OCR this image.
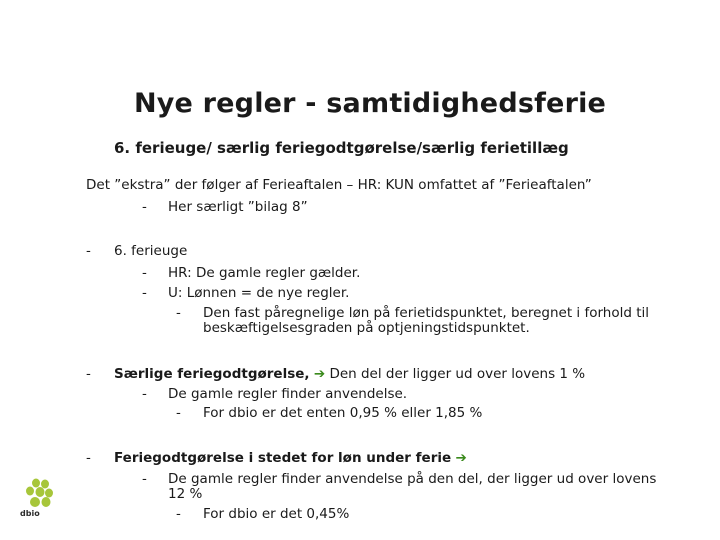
Nye regler - samtidighedsferie
6. ferieuge/ særlig feriegodtgørelse/særlig ferietillæg
Det ”ekstra” der følger af Ferieaftalen – HR: KUN omfattet af ”Ferieaftalen”
- Her særligt ”bilag 8”
- 6. ferieuge
- HR: De gamle regler gælder.
- U: Lønnen = de nye regler.
- Den fast påregnelige løn på ferietidspunktet, beregnet i forhold til
beskæftigelsesgraden på optjeningstidspunktet.
- Særlige feriegodtgørelse, ➔ Den del der ligger ud over lovens 1 %
- De gamle regler finder anvendelse.
- For dbio er det enten 0,95 % eller 1,85 %
- Feriegodtgørelse i stedet for løn under ferie ➔
- De gamle regler finder anvendelse på den del, der ligger ud over lovens
12 %
- For dbio er det 0,45%
dbio
